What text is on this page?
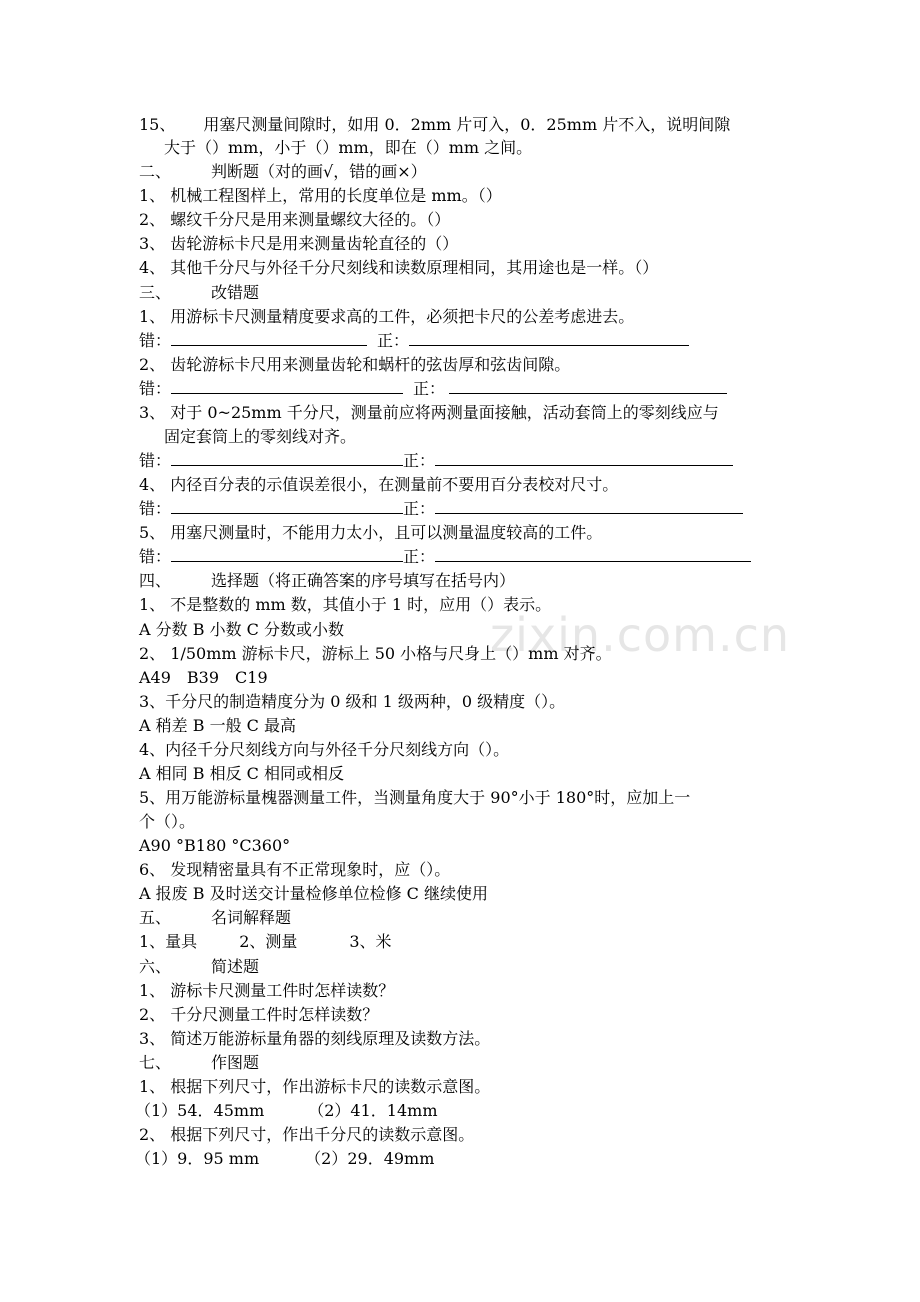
zixin.com.cn
15、 用塞尺测量间隙时，如用 0．2mm 片可入，0．25mm 片不入，说明间隙
大于（）mm，小于（）mm，即在（）mm 之间。
二、	判断题（对的画√，错的画×）
1、 机械工程图样上，常用的长度单位是 mm。（）
2、 螺纹千分尺是用来测量螺纹大径的。（）
3、 齿轮游标卡尺是用来测量齿轮直径的（）
4、 其他千分尺与外径千分尺刻线和读数原理相同，其用途也是一样。（）
三、	改错题
1、 用游标卡尺测量精度要求高的工件，必须把卡尺的公差考虑进去。
错：	正：
2、 齿轮游标卡尺用来测量齿轮和蜗杆的弦齿厚和弦齿间隙。
错：	正：
3、 对于 0~25mm 千分尺，测量前应将两测量面接触，活动套筒上的零刻线应与
固定套筒上的零刻线对齐。
错：	正：
4、 内径百分表的示值误差很小，在测量前不要用百分表校对尺寸。
错：	正：
5、 用塞尺测量时，不能用力太小，且可以测量温度较高的工件。
错：	正：
四、	选择题（将正确答案的序号填写在括号内）
1、 不是整数的 mm 数，其值小于 1 时，应用（）表示。
A 分数 B 小数 C 分数或小数
2、 1/50mm 游标卡尺，游标上 50 小格与尺身上（）mm 对齐。
A49　B39　C19
3、千分尺的制造精度分为 0 级和 1 级两种，0 级精度（）。
A 稍差 B 一般 C 最高
4、内径千分尺刻线方向与外径千分尺刻线方向（）。
A 相同 B 相反 C 相同或相反
5、用万能游标量槐器测量工件，当测量角度大于 90°小于 180°时，应加上一
个（）。
A90 °B180 °C360°
6、 发现精密量具有不正常现象时，应（）。
A 报废 B 及时送交计量检修单位检修 C 继续使用
五、	名词解释题
1、量具	2、测量	3、米
六、	简述题
1、 游标卡尺测量工件时怎样读数？
2、 千分尺测量工件时怎样读数？
3、 简述万能游标量角器的刻线原理及读数方法。
七、	作图题
1、 根据下列尺寸，作出游标卡尺的读数示意图。
（1）54．45mm	（2）41．14mm
2、 根据下列尺寸，作出千分尺的读数示意图。
（1）9．95 mm	（2）29．49mm
